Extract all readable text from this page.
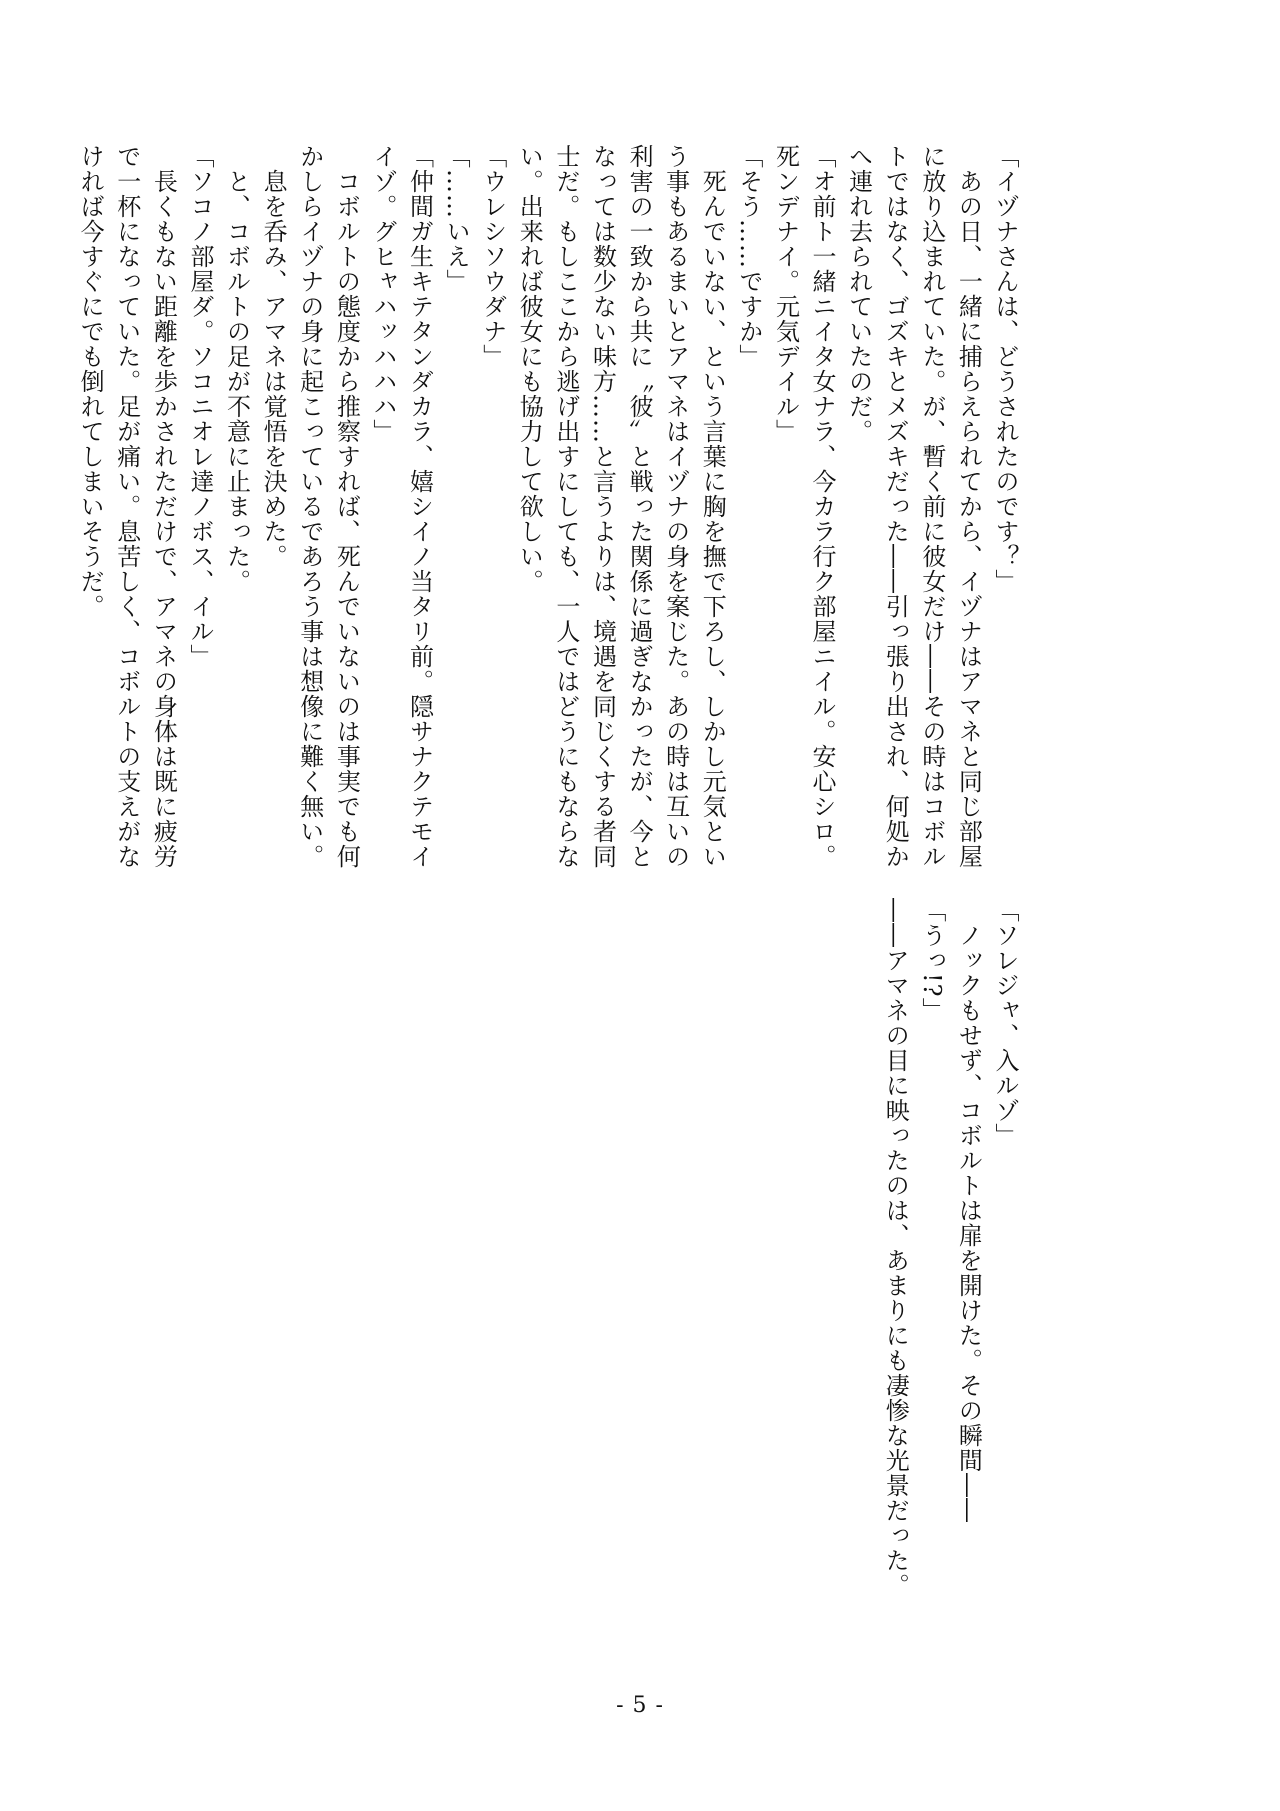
「イヅナさんは、どうされたのです？」
　あの日、一緒に捕らえられてから、イヅナはアマネと同じ部屋
に放り込まれていた。が、暫く前に彼女だけ――その時はコボル
トではなく、ゴズキとメズキだった――引っ張り出され、何処か
へ連れ去られていたのだ。
「オ前ト一緒ニイタ女ナラ、今カラ行ク部屋ニイル。安心シロ。
死ンデナイ。元気デイル」
「そう……ですか」
　死んでいない、という言葉に胸を撫で下ろし、しかし元気とい
う事もあるまいとアマネはイヅナの身を案じた。あの時は互いの
利害の一致から共に〝彼〟と戦った関係に過ぎなかったが、今と
なっては数少ない味方……と言うよりは、境遇を同じくする者同
士だ。もしここから逃げ出すにしても、一人ではどうにもならな
い。出来れば彼女にも協力して欲しい。
「ウレシソウダナ」
「……いえ」
「仲間ガ生キテタンダカラ、嬉シイノ当タリ前。隠サナクテモイ
イゾ。グヒャハッハハハ」
　コボルトの態度から推察すれば、死んでいないのは事実でも何
かしらイヅナの身に起こっているであろう事は想像に難く無い。
　息を呑み、アマネは覚悟を決めた。
　と、コボルトの足が不意に止まった。
「ソコノ部屋ダ。ソコニオレ達ノボス、イル」
　長くもない距離を歩かされただけで、アマネの身体は既に疲労
で一杯になっていた。足が痛い。息苦しく、コボルトの支えがな
ければ今すぐにでも倒れてしまいそうだ。
「ソレジャ、入ルゾ」
　ノックもせず、コボルトは扉を開けた。その瞬間――
「うっ!?」
――アマネの目に映ったのは、あまりにも凄惨な光景だった。
- 5 -
